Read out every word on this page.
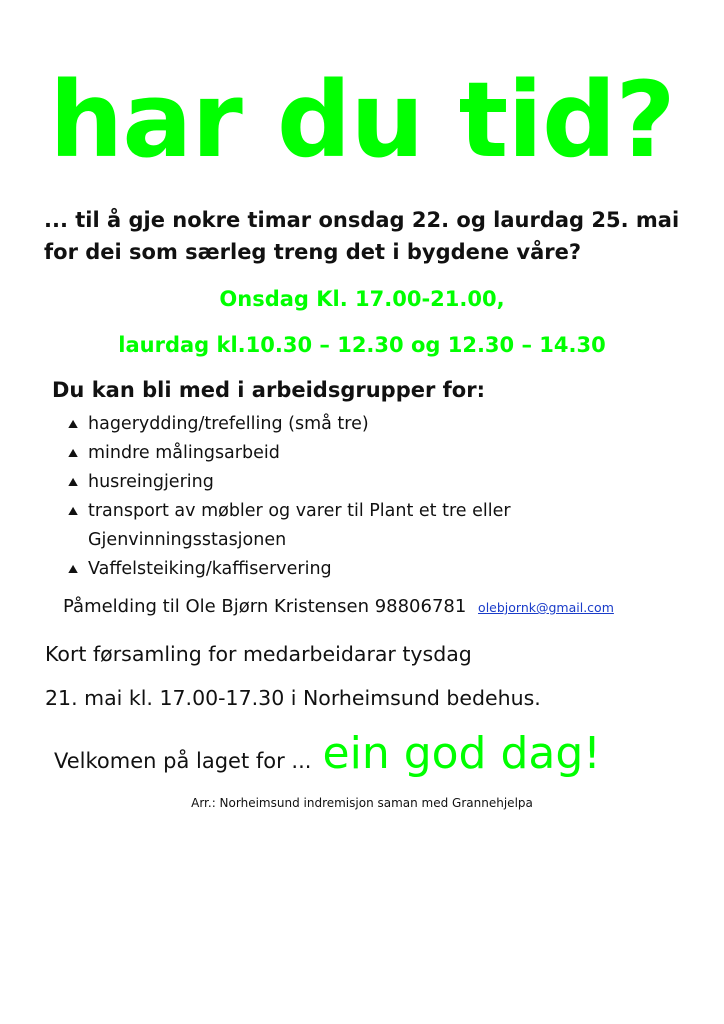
har du tid?
... til å gje nokre timar onsdag 22. og laurdag 25. mai for dei som særleg treng det i bygdene våre?
Onsdag Kl. 17.00-21.00,
laurdag kl.10.30 – 12.30 og 12.30 – 14.30
Du kan bli med i arbeidsgrupper for:
⛰ hagerydding/trefelling (små tre)
⛰ mindre målingsarbeid
⛰ husreingjering
⛰ transport av møbler og varer til Plant et tre eller Gjenvinningsstasjonen
⛰ Vaffelsteiking/kaffiservering
Påmelding til Ole Bjørn Kristensen 98806781 olebjornk@gmail.com
Kort førsamling for medarbeidarar tysdag
21. mai kl. 17.00-17.30 i Norheimsund bedehus.
Velkomen på laget for ... ein god dag!
Arr.: Norheimsund indremisjon saman med Grannehjelpa
